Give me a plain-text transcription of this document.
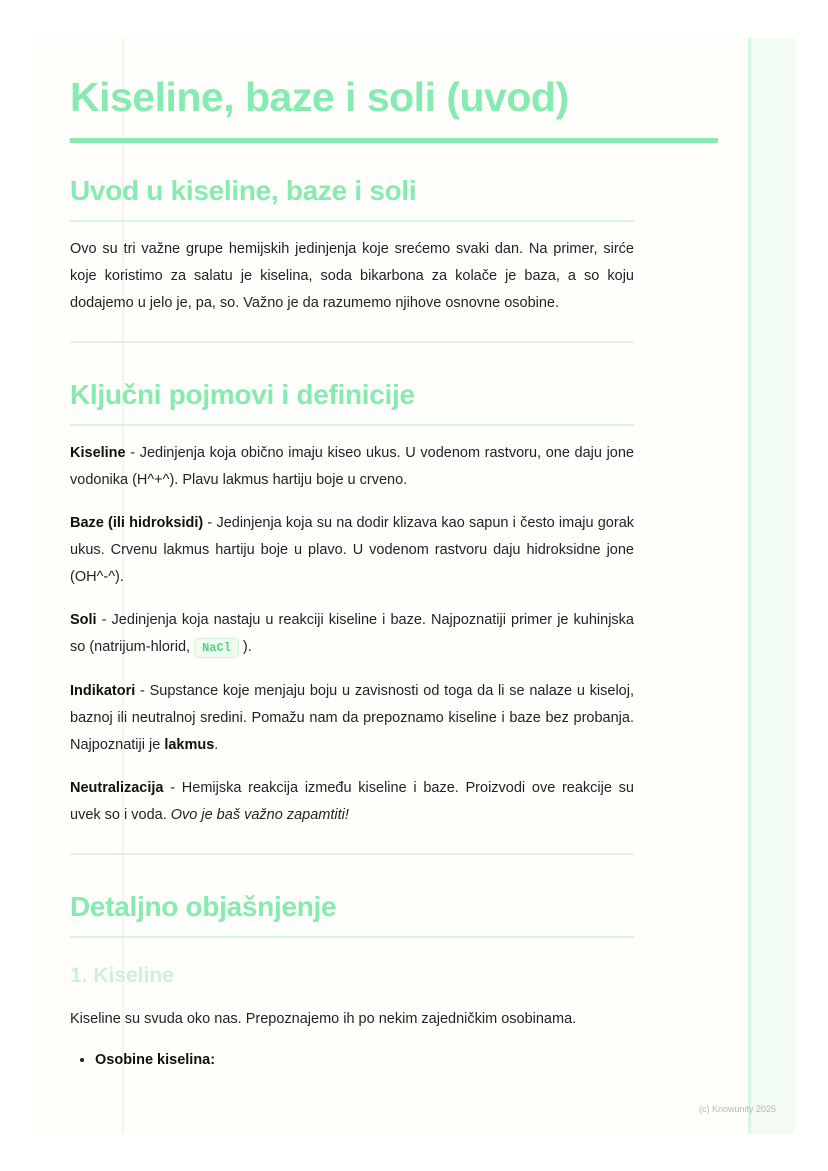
Kiseline, baze i soli (uvod)
Uvod u kiseline, baze i soli

Ovo su tri važne grupe hemijskih jedinjenja koje srećemo svaki dan. Na primer, sirće koje koristimo za salatu je kiselina, soda bikarbona za kolače je baza, a so koju dodajemo u jelo je, pa, so. Važno je da razumemo njihove osnovne osobine.

Ključni pojmovi i definicije

Kiseline - Jedinjenja koja obično imaju kiseo ukus. U vodenom rastvoru, one daju jone vodonika (H^+^). Plavu lakmus hartiju boje u crveno.

Baze (ili hidroksidi) - Jedinjenja koja su na dodir klizava kao sapun i često imaju gorak ukus. Crvenu lakmus hartiju boje u plavo. U vodenom rastvoru daju hidroksidne jone (OH^-^).

Soli - Jedinjenja koja nastaju u reakciji kiseline i baze. Najpoznatiji primer je kuhinjska so (natrijum-hlorid, NaCl ).

Indikatori - Supstance koje menjaju boju u zavisnosti od toga da li se nalaze u kiseloj, baznoj ili neutralnoj sredini. Pomažu nam da prepoznamo kiseline i baze bez probanja. Najpoznatiji je lakmus.

Neutralizacija - Hemijska reakcija između kiseline i baze. Proizvodi ove reakcije su uvek so i voda. Ovo je baš važno zapamtiti!

Detaljno objašnjenje
1. Kiseline

Kiseline su svuda oko nas. Prepoznajemo ih po nekim zajedničkim osobinama.

• Osobine kiselina:
(c) Knowunity 2025
